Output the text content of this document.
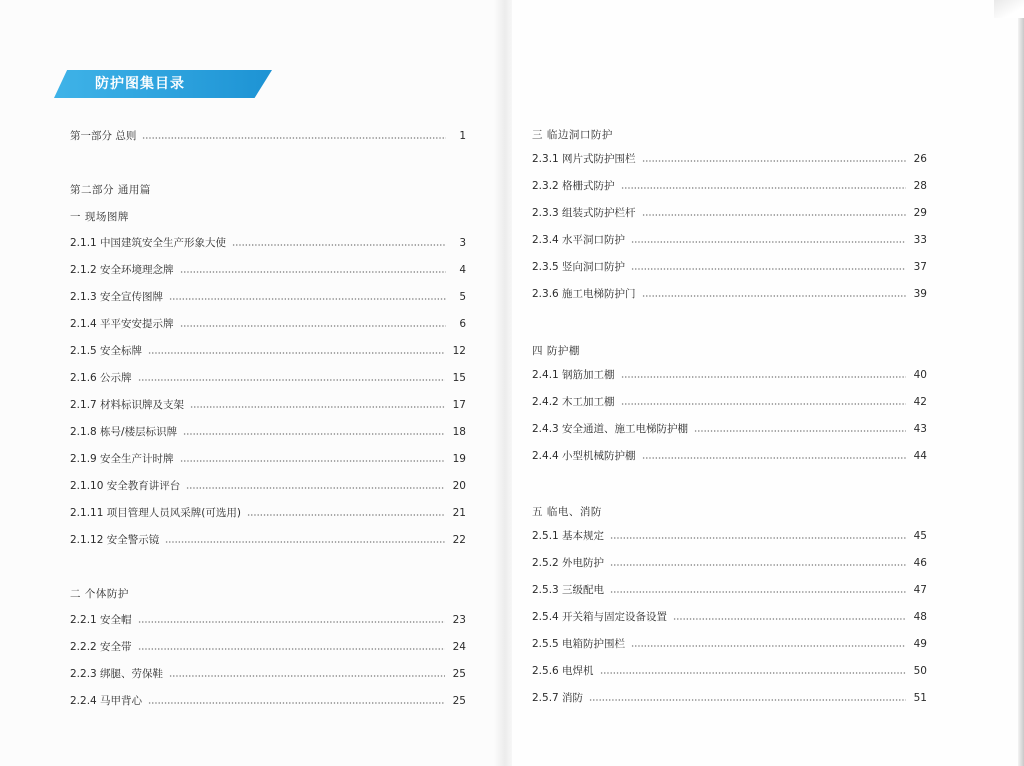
防护图集目录
第一部分 总则	1
第二部分 通用篇
一 现场图牌
2.1.1 中国建筑安全生产形象大使	3
2.1.2 安全环境理念牌	4
2.1.3 安全宣传图牌	5
2.1.4 平平安安提示牌	6
2.1.5 安全标牌	12
2.1.6 公示牌	15
2.1.7 材料标识牌及支架	17
2.1.8 栋号/楼层标识牌	18
2.1.9 安全生产计时牌	19
2.1.10 安全教育讲评台	20
2.1.11 项目管理人员风采牌(可选用)	21
2.1.12 安全警示镜	22
二 个体防护
2.2.1 安全帽	23
2.2.2 安全带	24
2.2.3 绑腿、劳保鞋	25
2.2.4 马甲背心	25
三 临边洞口防护
2.3.1 网片式防护围栏	26
2.3.2 格栅式防护	28
2.3.3 组装式防护栏杆	29
2.3.4 水平洞口防护	33
2.3.5 竖向洞口防护	37
2.3.6 施工电梯防护门	39
四 防护棚
2.4.1 钢筋加工棚	40
2.4.2 木工加工棚	42
2.4.3 安全通道、施工电梯防护棚	43
2.4.4 小型机械防护棚	44
五 临电、消防
2.5.1 基本规定	45
2.5.2 外电防护	46
2.5.3 三级配电	47
2.5.4 开关箱与固定设备设置	48
2.5.5 电箱防护围栏	49
2.5.6 电焊机	50
2.5.7 消防	51
